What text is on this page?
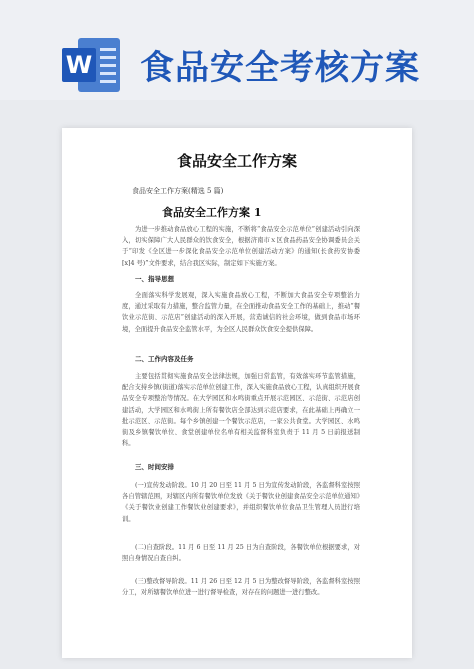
W 食品安全考核方案
食品安全工作方案
食品安全工作方案(精选 5 篇)
食品安全工作方案 1

为进一步推动食品放心工程的实施，不断将“食品安全示范单位”创建活动引向深入，切实保障广大人民群众的饮食安全，根据济南市ｘ区食品药品安全协调委员会关于“印发《全区进一步深化食品安全示范单位创建活动方案》的通知(长食药安协委[x]4 号)”文件要求，结合我区实际，制定如下实施方案。

一、指导思想

全面落实科学发展观，深入实施食品放心工程，不断加大食品安全专项整治力度，通过采取有力措施，整合监管力量，在全面推动食品安全工作的基础上，推动“餐饮业示范街、示范店”创建活动的深入开展，营造诚信的社会环境，做到食品市场环境，全面提升食品安全监管水平，为全区人民群众饮食安全提供保障。

二、工作内容及任务

主要包括贯彻实施食品安全法律法规，加强日常监管，有效落实环节监管措施，配合支持乡镇(街道)落实示范单位创建工作，深入实施食品放心工程，认真组织开展食品安全专项整治等情况。在大学园区和水鸣街重点开展示范园区、示范街、示范店创建活动，大学园区和水鸣街上所有餐饮店全部达到示范店要求，在此基础上再确立一批示范区、示范街。每个乡镇创建一个餐饮示范店，一家公共食堂。大学园区、水鸣街及乡镇餐饮单位、食堂创建单位名单有相关监督科室负责于 11 月 5 日前报送制科。

三、时间安排

(一)宣传发动阶段。10 月 20 日至 11 月 5 日为宣传发动阶段，各监督科室按照各自管辖范围，对辖区内所有餐饮单位发放《关于餐饮业创建食品安全示范单位通知》《关于餐饮业创建工作餐饮业创建要求》，并组织餐饮单位食品卫生管理人员进行培训。

(二)自查阶段。11 月 6 日至 11 月 25 日为自查阶段，各餐饮单位根据要求，对照自身情况自查自纠。

(三)整改督导阶段。11 月 26 日至 12 月 5 日为整改督导阶段，各监督科室按照分工，对所辖餐饮单位进一进行督导检查，对存在的问题进一进行整改。
